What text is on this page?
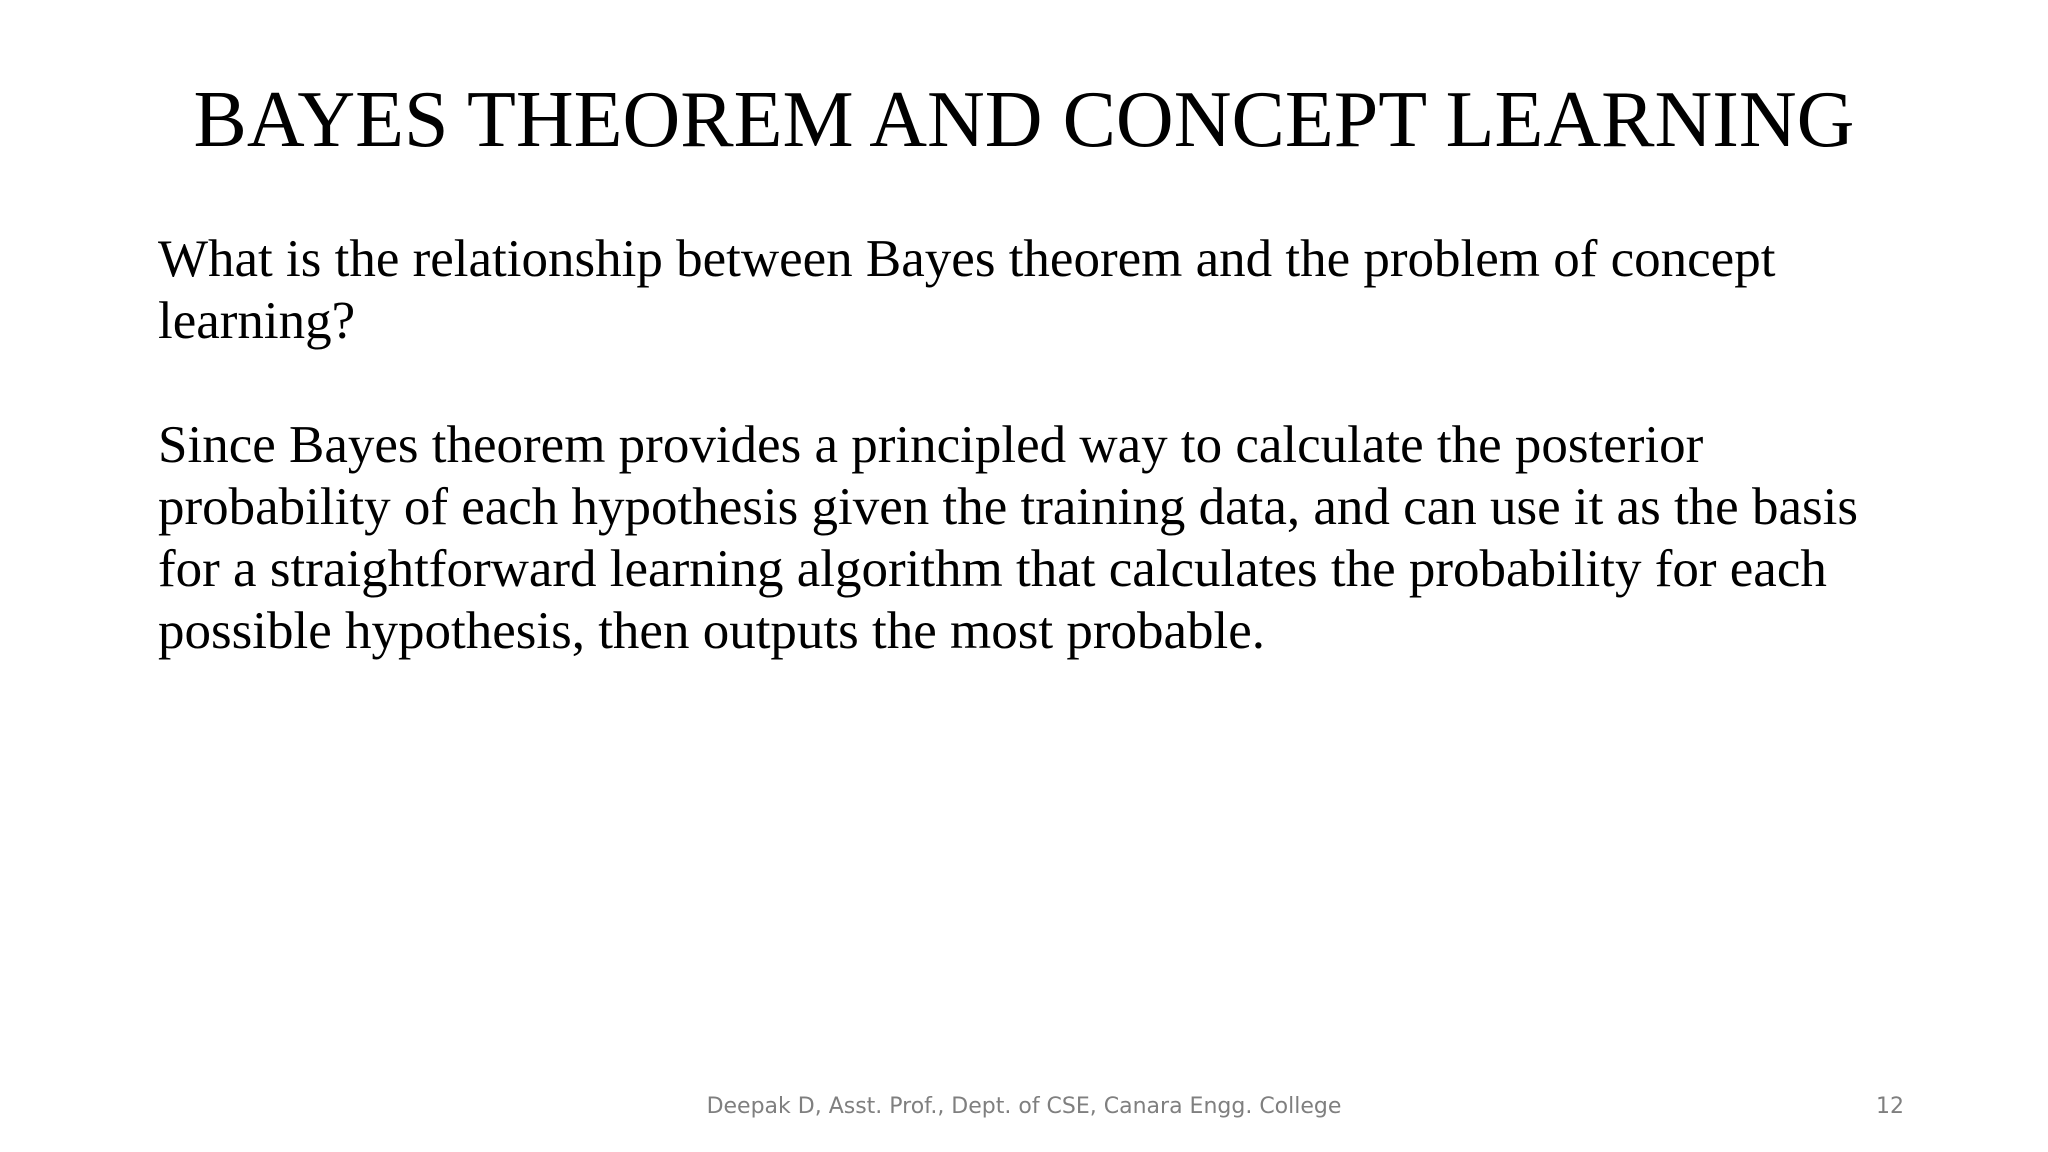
BAYES THEOREM AND CONCEPT LEARNING

What is the relationship between Bayes theorem and the problem of concept learning?

Since Bayes theorem provides a principled way to calculate the posterior probability of each hypothesis given the training data, and can use it as the basis for a straightforward learning algorithm that calculates the probability for each possible hypothesis, then outputs the most probable.

Deepak D, Asst. Prof., Dept. of CSE, Canara Engg. College	12
